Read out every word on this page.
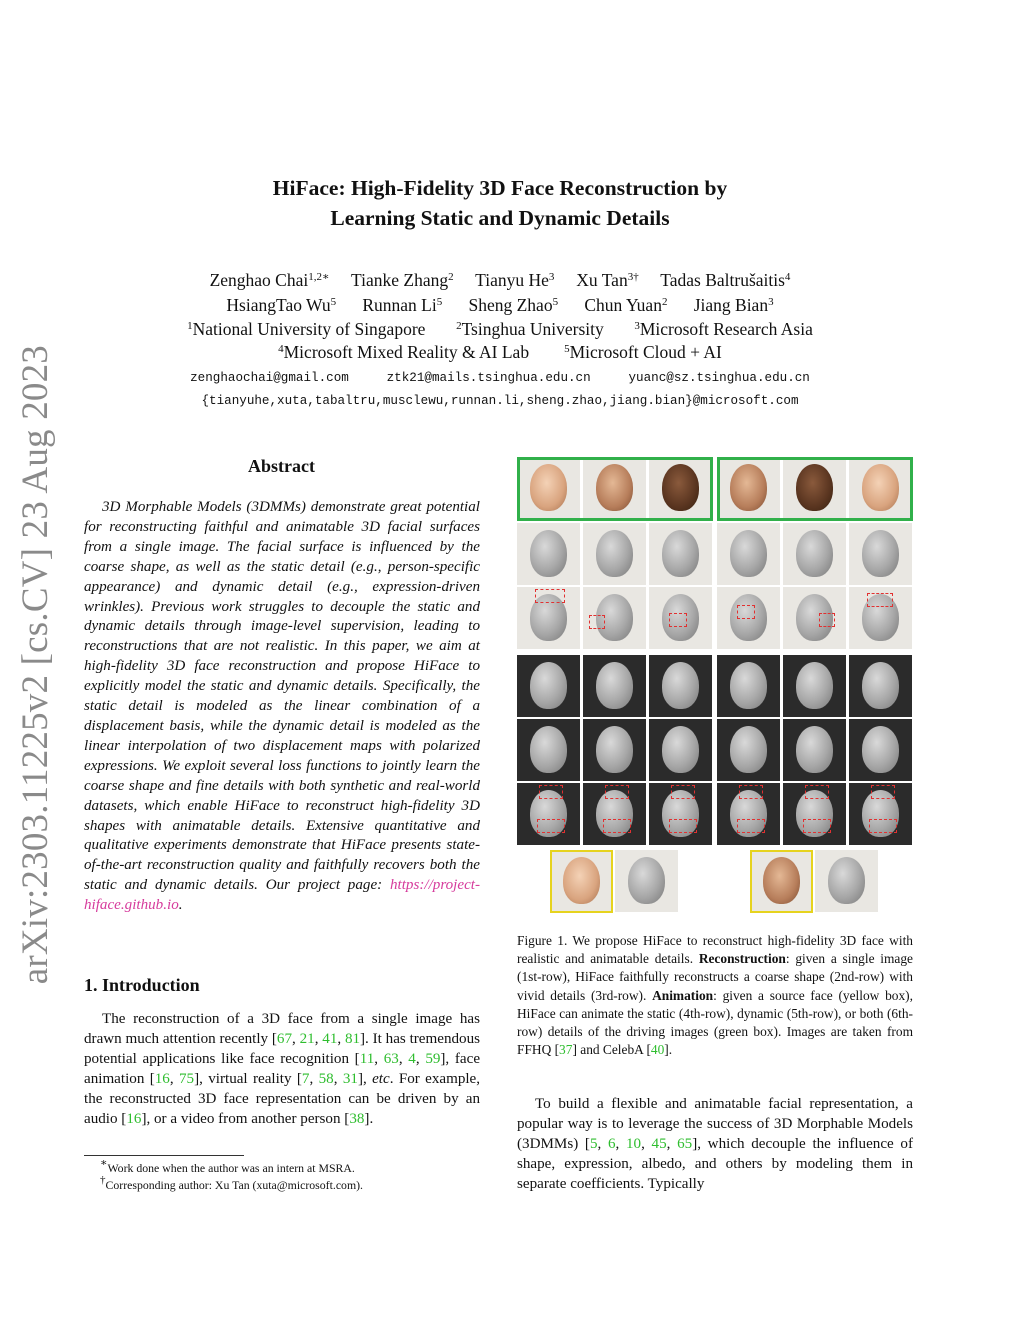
arXiv:2303.11225v2 [cs.CV] 23 Aug 2023
HiFace: High-Fidelity 3D Face Reconstruction by
Learning Static and Dynamic Details
Zenghao Chai$^{1,2∗}$ Tianke Zhang$^2$ Tianyu He$^3$ Xu Tan$^{3\dagger}$ Tadas Baltrušaitis$^4$
HsiangTao Wu$^5$ Runnan Li$^5$ Sheng Zhao$^5$ Chun Yuan$^2$ Jiang Bian$^3$
$^1$National University of Singapore	$^2$Tsinghua University	$^3$Microsoft Research Asia
$^4$Microsoft Mixed Reality & AI Lab	$^5$Microsoft Cloud + AI
zenghaochai@gmail.com	ztk21@mails.tsinghua.edu.cn	yuanc@sz.tsinghua.edu.cn
{tianyuhe,xuta,tabaltru,musclewu,runnan.li,sheng.zhao,jiang.bian}@microsoft.com
Abstract
3D Morphable Models (3DMMs) demonstrate great potential for reconstructing faithful and animatable 3D facial surfaces from a single image. The facial surface is influenced by the coarse shape, as well as the static detail (e.g., person-specific appearance) and dynamic detail (e.g., expression-driven wrinkles). Previous work struggles to decouple the static and dynamic details through image-level supervision, leading to reconstructions that are not realistic. In this paper, we aim at high-fidelity 3D face reconstruction and propose HiFace to explicitly model the static and dynamic details. Specifically, the static detail is modeled as the linear combination of a displacement basis, while the dynamic detail is modeled as the linear interpolation of two displacement maps with polarized expressions. We exploit several loss functions to jointly learn the coarse shape and fine details with both synthetic and real-world datasets, which enable HiFace to reconstruct high-fidelity 3D shapes with animatable details. Extensive quantitative and qualitative experiments demonstrate that HiFace presents state-of-the-art reconstruction quality and faithfully recovers both the static and dynamic details. Our project page: https://project-hiface.github.io.
1. Introduction
The reconstruction of a 3D face from a single image has drawn much attention recently [67, 21, 41, 81]. It has tremendous potential applications like face recognition [11, 63, 4, 59], face animation [16, 75], virtual reality [7, 58, 31], etc. For example, the reconstructed 3D face representation can be driven by an audio [16], or a video from another person [38].
∗Work done when the author was an intern at MSRA.
†Corresponding author: Xu Tan (xuta@microsoft.com).
Figure 1. We propose HiFace to reconstruct high-fidelity 3D face with realistic and animatable details. Reconstruction: given a single image (1st-row), HiFace faithfully reconstructs a coarse shape (2nd-row) with vivid details (3rd-row). Animation: given a source face (yellow box), HiFace can animate the static (4th-row), dynamic (5th-row), or both (6th-row) details of the driving images (green box). Images are taken from FFHQ [37] and CelebA [40].
To build a flexible and animatable facial representation, a popular way is to leverage the success of 3D Morphable Models (3DMMs) [5, 6, 10, 45, 65], which decouple the influence of shape, expression, albedo, and others by modeling them in separate coefficients. Typically
